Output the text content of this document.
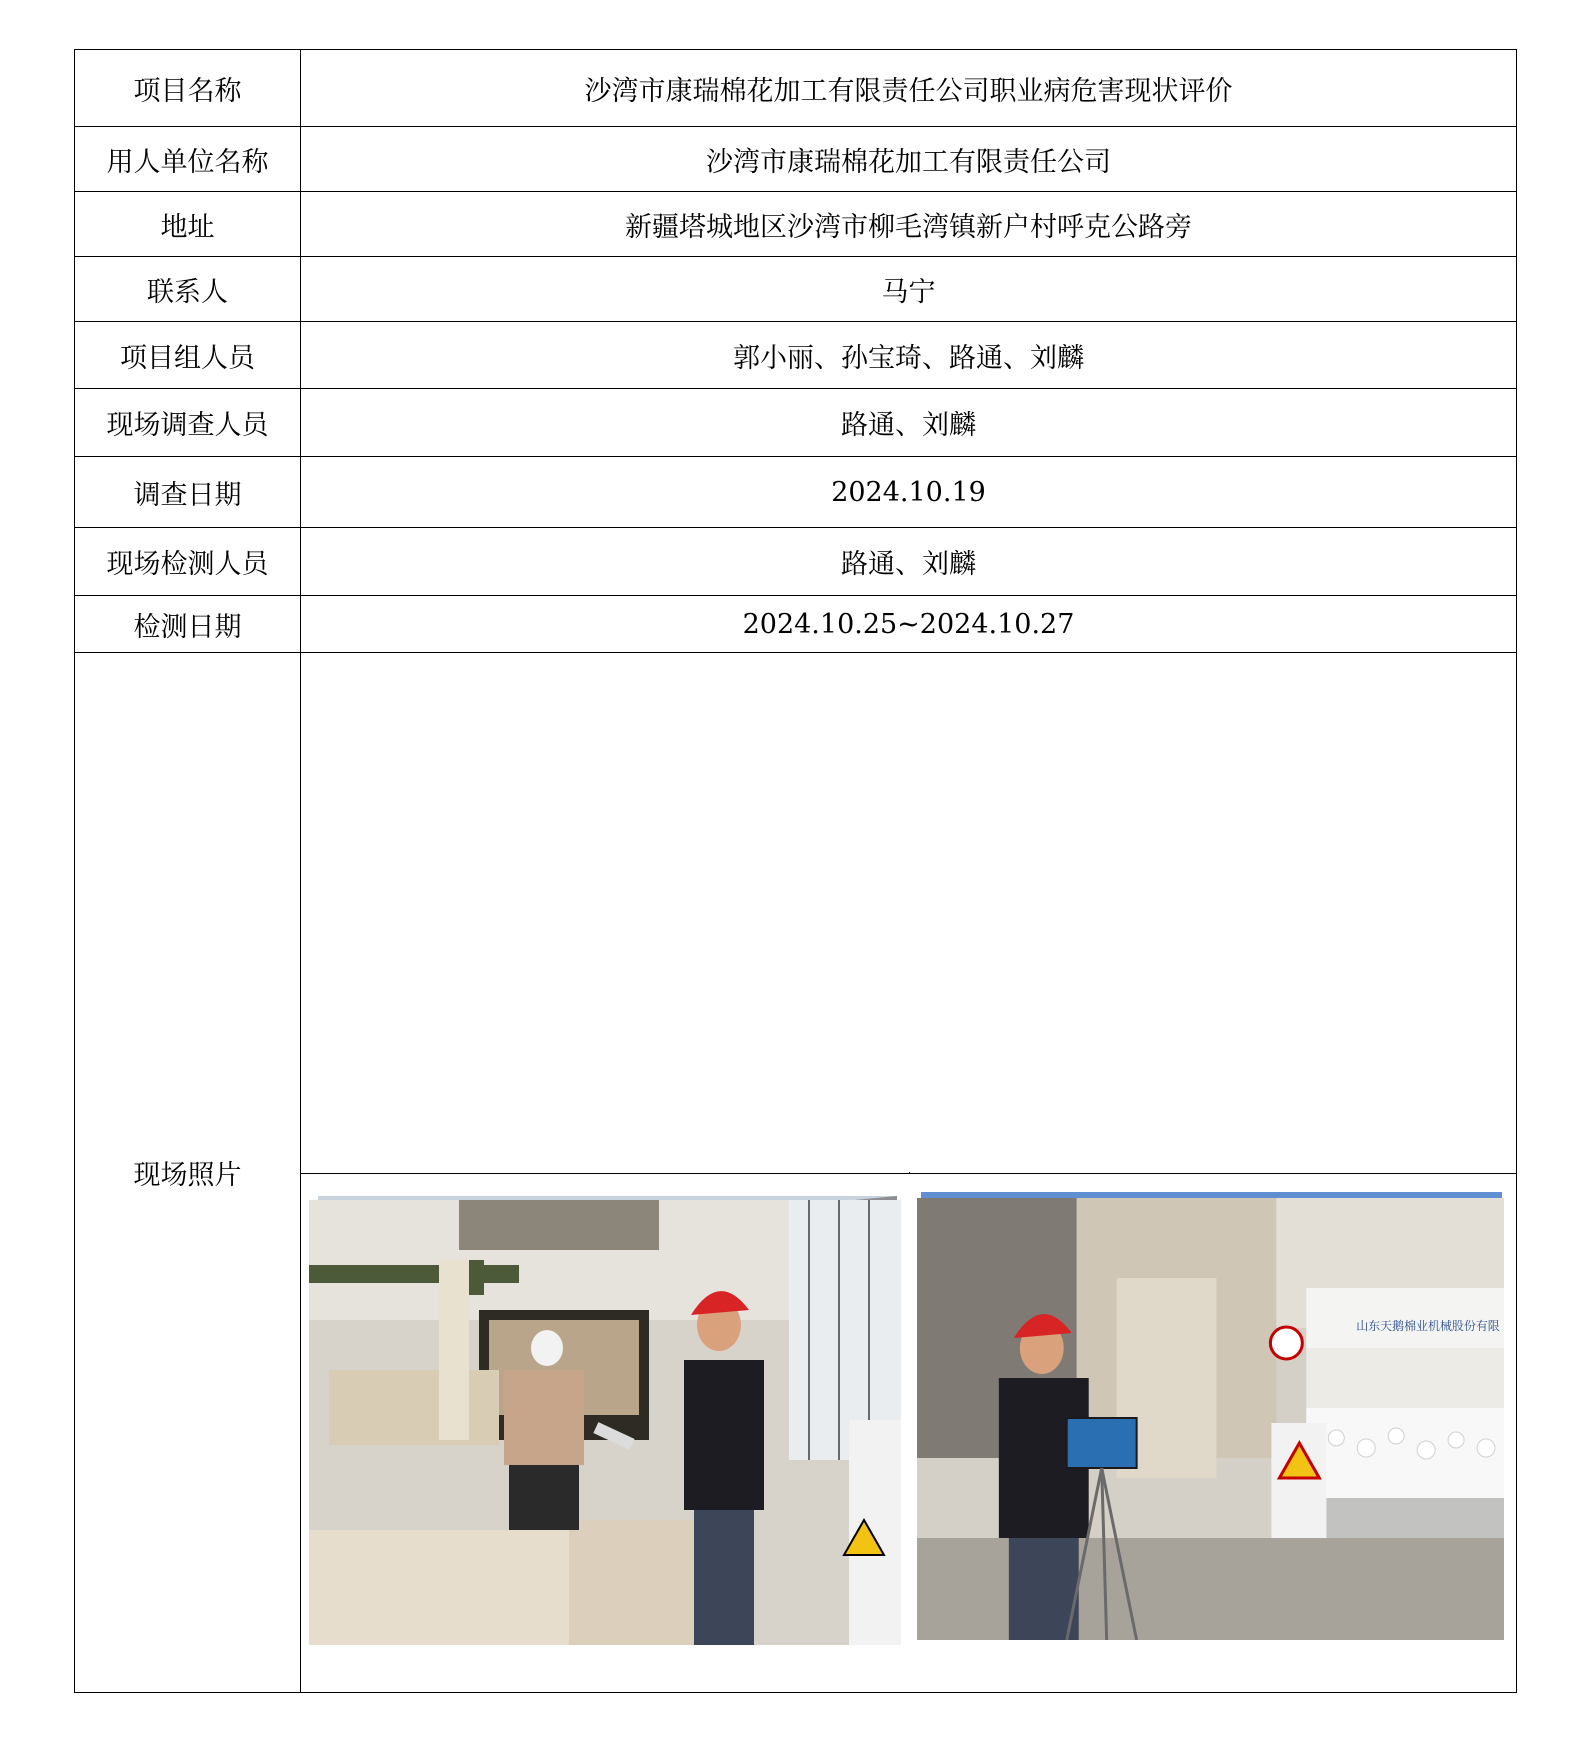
项目名称	沙湾市康瑞棉花加工有限责任公司职业病危害现状评价
用人单位名称	沙湾市康瑞棉花加工有限责任公司
地址	新疆塔城地区沙湾市柳毛湾镇新户村呼克公路旁
联系人	马宁
项目组人员	郭小丽、孙宝琦、路通、刘麟
现场调查人员	路通、刘麟
调查日期	2024.10.19
现场检测人员	路通、刘麟
检测日期	2024.10.25~2024.10.27
现场照片	山东天鹅棉业机械股份有限
